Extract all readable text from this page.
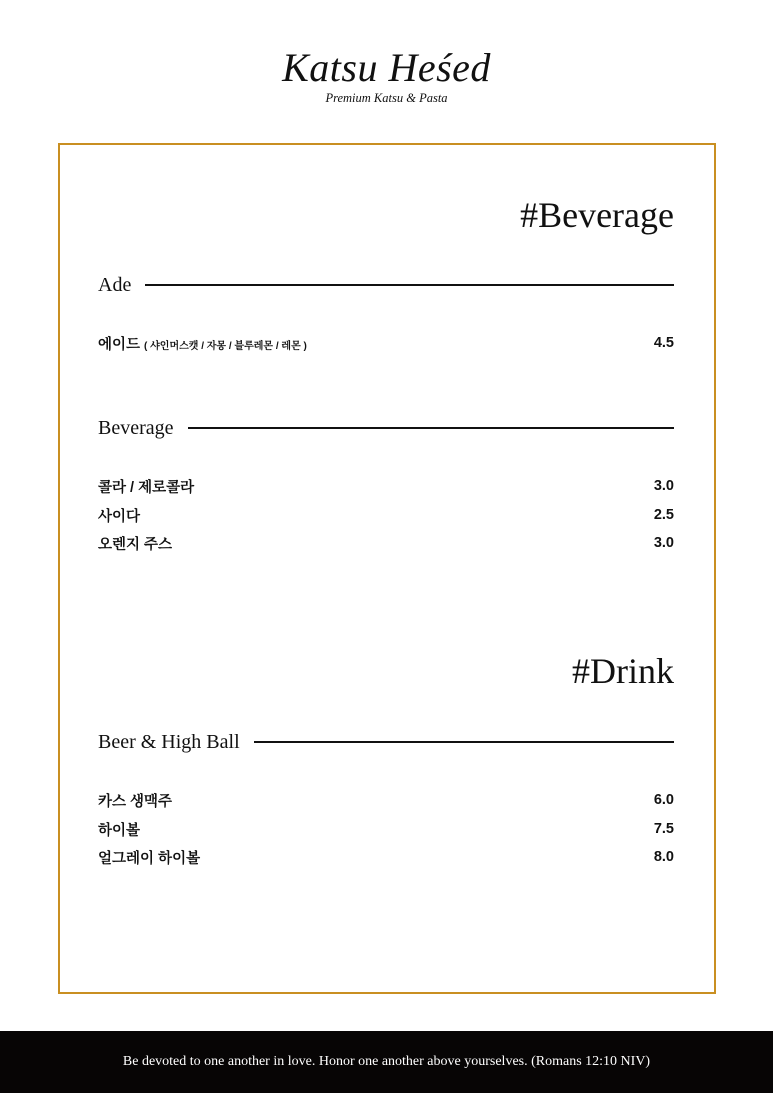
Katsu Heśed
Premium Katsu & Pasta
#Beverage
Ade
에이드 ( 샤인머스캣 / 자몽 / 블루레몬 / 레몬 )	4.5
Beverage
콜라 / 제로콜라	3.0
사이다	2.5
오렌지 주스	3.0
#Drink
Beer & High Ball
카스 생맥주	6.0
하이볼	7.5
얼그레이 하이볼	8.0
Be devoted to one another in love. Honor one another above yourselves. (Romans 12:10 NIV)
